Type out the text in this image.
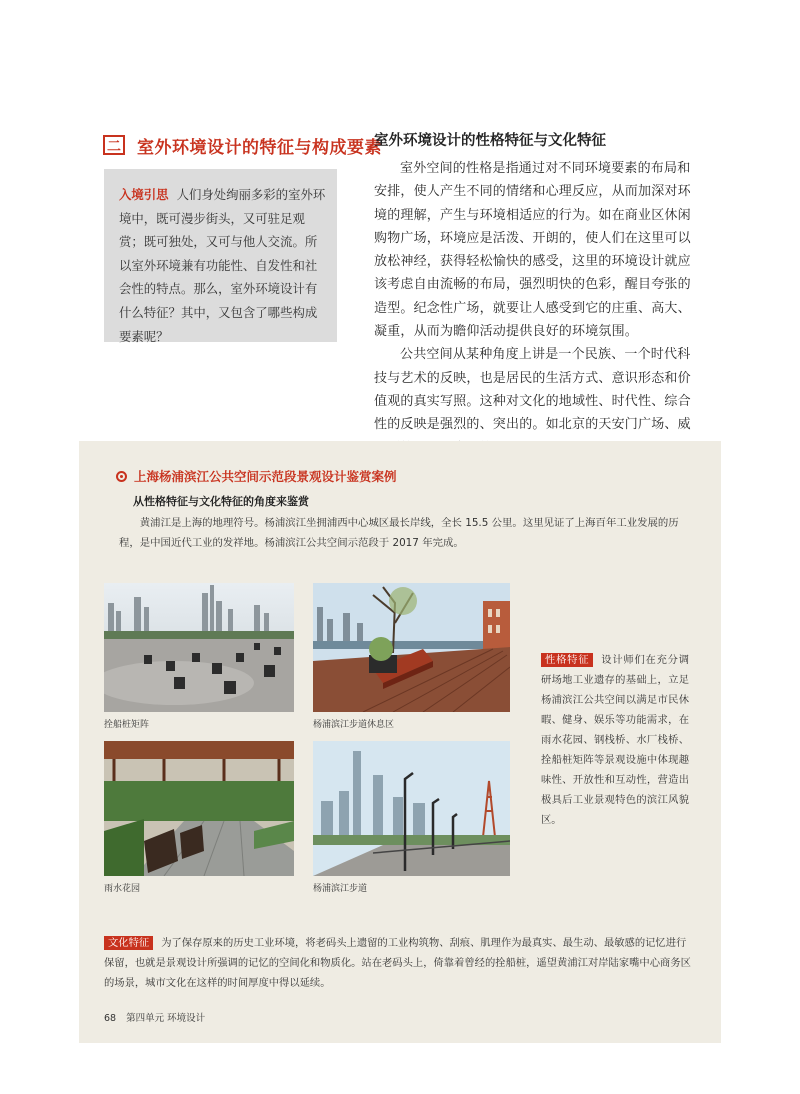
二 室外环境设计的特征与构成要素
入境引思 人们身处绚丽多彩的室外环境中，既可漫步街头，又可驻足观赏；既可独处，又可与他人交流。所以室外环境兼有功能性、自发性和社会性的特点。那么，室外环境设计有什么特征？其中，又包含了哪些构成要素呢？
室外环境设计的性格特征与文化特征

室外空间的性格是指通过对不同环境要素的布局和安排，使人产生不同的情绪和心理反应，从而加深对环境的理解，产生与环境相适应的行为。如在商业区休闲购物广场，环境应是活泼、开朗的，使人们在这里可以放松神经，获得轻松愉快的感受，这里的环境设计就应该考虑自由流畅的布局，强烈明快的色彩，醒目夸张的造型。纪念性广场，就要让人感受到它的庄重、高大、凝重，从而为瞻仰活动提供良好的环境氛围。

公共空间从某种角度上讲是一个民族、一个时代科技与艺术的反映，也是居民的生活方式、意识形态和价值观的真实写照。这种对文化的地域性、时代性、综合性的反映是强烈的、突出的。如北京的天安门广场、威

上海杨浦滨江公共空间示范段景观设计鉴赏案例
从性格特征与文化特征的角度来鉴赏
黄浦江是上海的地理符号。杨浦滨江坐拥浦西中心城区最长岸线，全长 15.5 公里。这里见证了上海百年工业发展的历程，是中国近代工业的发祥地。杨浦滨江公共空间示范段于 2017 年完成。
拴船桩矩阵	杨浦滨江步道休息区
雨水花园	杨浦滨江步道
性格特征 设计师们在充分调研场地工业遗存的基础上，立足杨浦滨江公共空间以满足市民休暇、健身、娱乐等功能需求，在雨水花园、钢栈桥、水厂栈桥、拴船桩矩阵等景观设施中体现趣味性、开放性和互动性，营造出极具后工业景观特色的滨江风貌区。
文化特征 为了保存原来的历史工业环境，将老码头上遗留的工业构筑物、刮痕、肌理作为最真实、最生动、最敏感的记忆进行保留，也就是景观设计所强调的记忆的空间化和物质化。站在老码头上，倚靠着曾经的拴船桩，遥望黄浦江对岸陆家嘴中心商务区的场景，城市文化在这样的时间厚度中得以延续。
68 第四单元 环境设计
